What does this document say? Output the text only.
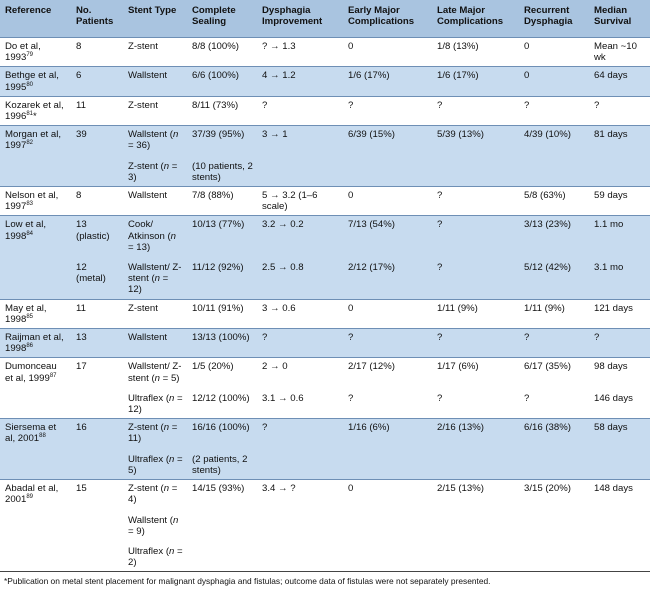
Reference	No. Patients	Stent Type	Complete Sealing	Dysphagia Improvement	Early Major Complications	Late Major Complications	Recurrent Dysphagia	Median Survival
Do et al, 1993$^{79}$	8	Z-stent	8/8 (100%)	? → 1.3	0	1/8 (13%)	0	Mean ~10 wk
Bethge et al, 1995$^{80}$	6	Wallstent	6/6 (100%)	4 → 1.2	1/6 (17%)	1/6 (17%)	0	64 days
Kozarek et al, 1996$^{81}$*	11	Z-stent	8/11 (73%)	?	?	?	?	?
Morgan et al, 1997$^{82}$	39	Wallstent (n = 36)	37/39 (95%)	3 → 1	6/39 (15%)	5/39 (13%)	4/39 (10%)	81 days
		Z-stent (n = 3)	(10 patients, 2 stents)					
Nelson et al, 1997$^{83}$	8	Wallstent	7/8 (88%)	5 → 3.2 (1–6 scale)	0	?	5/8 (63%)	59 days
Low et al, 1998$^{84}$	13 (plastic)	Cook/ Atkinson (n = 13)	10/13 (77%)	3.2 → 0.2	7/13 (54%)	?	3/13 (23%)	1.1 mo
	12 (metal)	Wallstent/ Z-stent (n = 12)	11/12 (92%)	2.5 → 0.8	2/12 (17%)	?	5/12 (42%)	3.1 mo
May et al, 1998$^{85}$	11	Z-stent	10/11 (91%)	3 → 0.6	0	1/11 (9%)	1/11 (9%)	121 days
Raijman et al, 1998$^{86}$	13	Wallstent	13/13 (100%)	?	?	?	?	?
Dumonceau et al, 1999$^{87}$	17	Wallstent/ Z-stent (n = 5)	1/5 (20%)	2 → 0	2/17 (12%)	1/17 (6%)	6/17 (35%)	98 days
		Ultraflex (n = 12)	12/12 (100%)	3.1 → 0.6	?	?	?	146 days
Siersema et al, 2001$^{88}$	16	Z-stent (n = 11)	16/16 (100%)	?	1/16 (6%)	2/16 (13%)	6/16 (38%)	58 days
		Ultraflex (n = 5)	(2 patients, 2 stents)					
Abadal et al, 2001$^{89}$	15	Z-stent (n = 4)	14/15 (93%)	3.4 → ?	0	2/15 (13%)	3/15 (20%)	148 days
		Wallstent (n = 9)						
		Ultraflex (n = 2)						
*Publication on metal stent placement for malignant dysphagia and fistulas; outcome data of fistulas were not separately presented.
